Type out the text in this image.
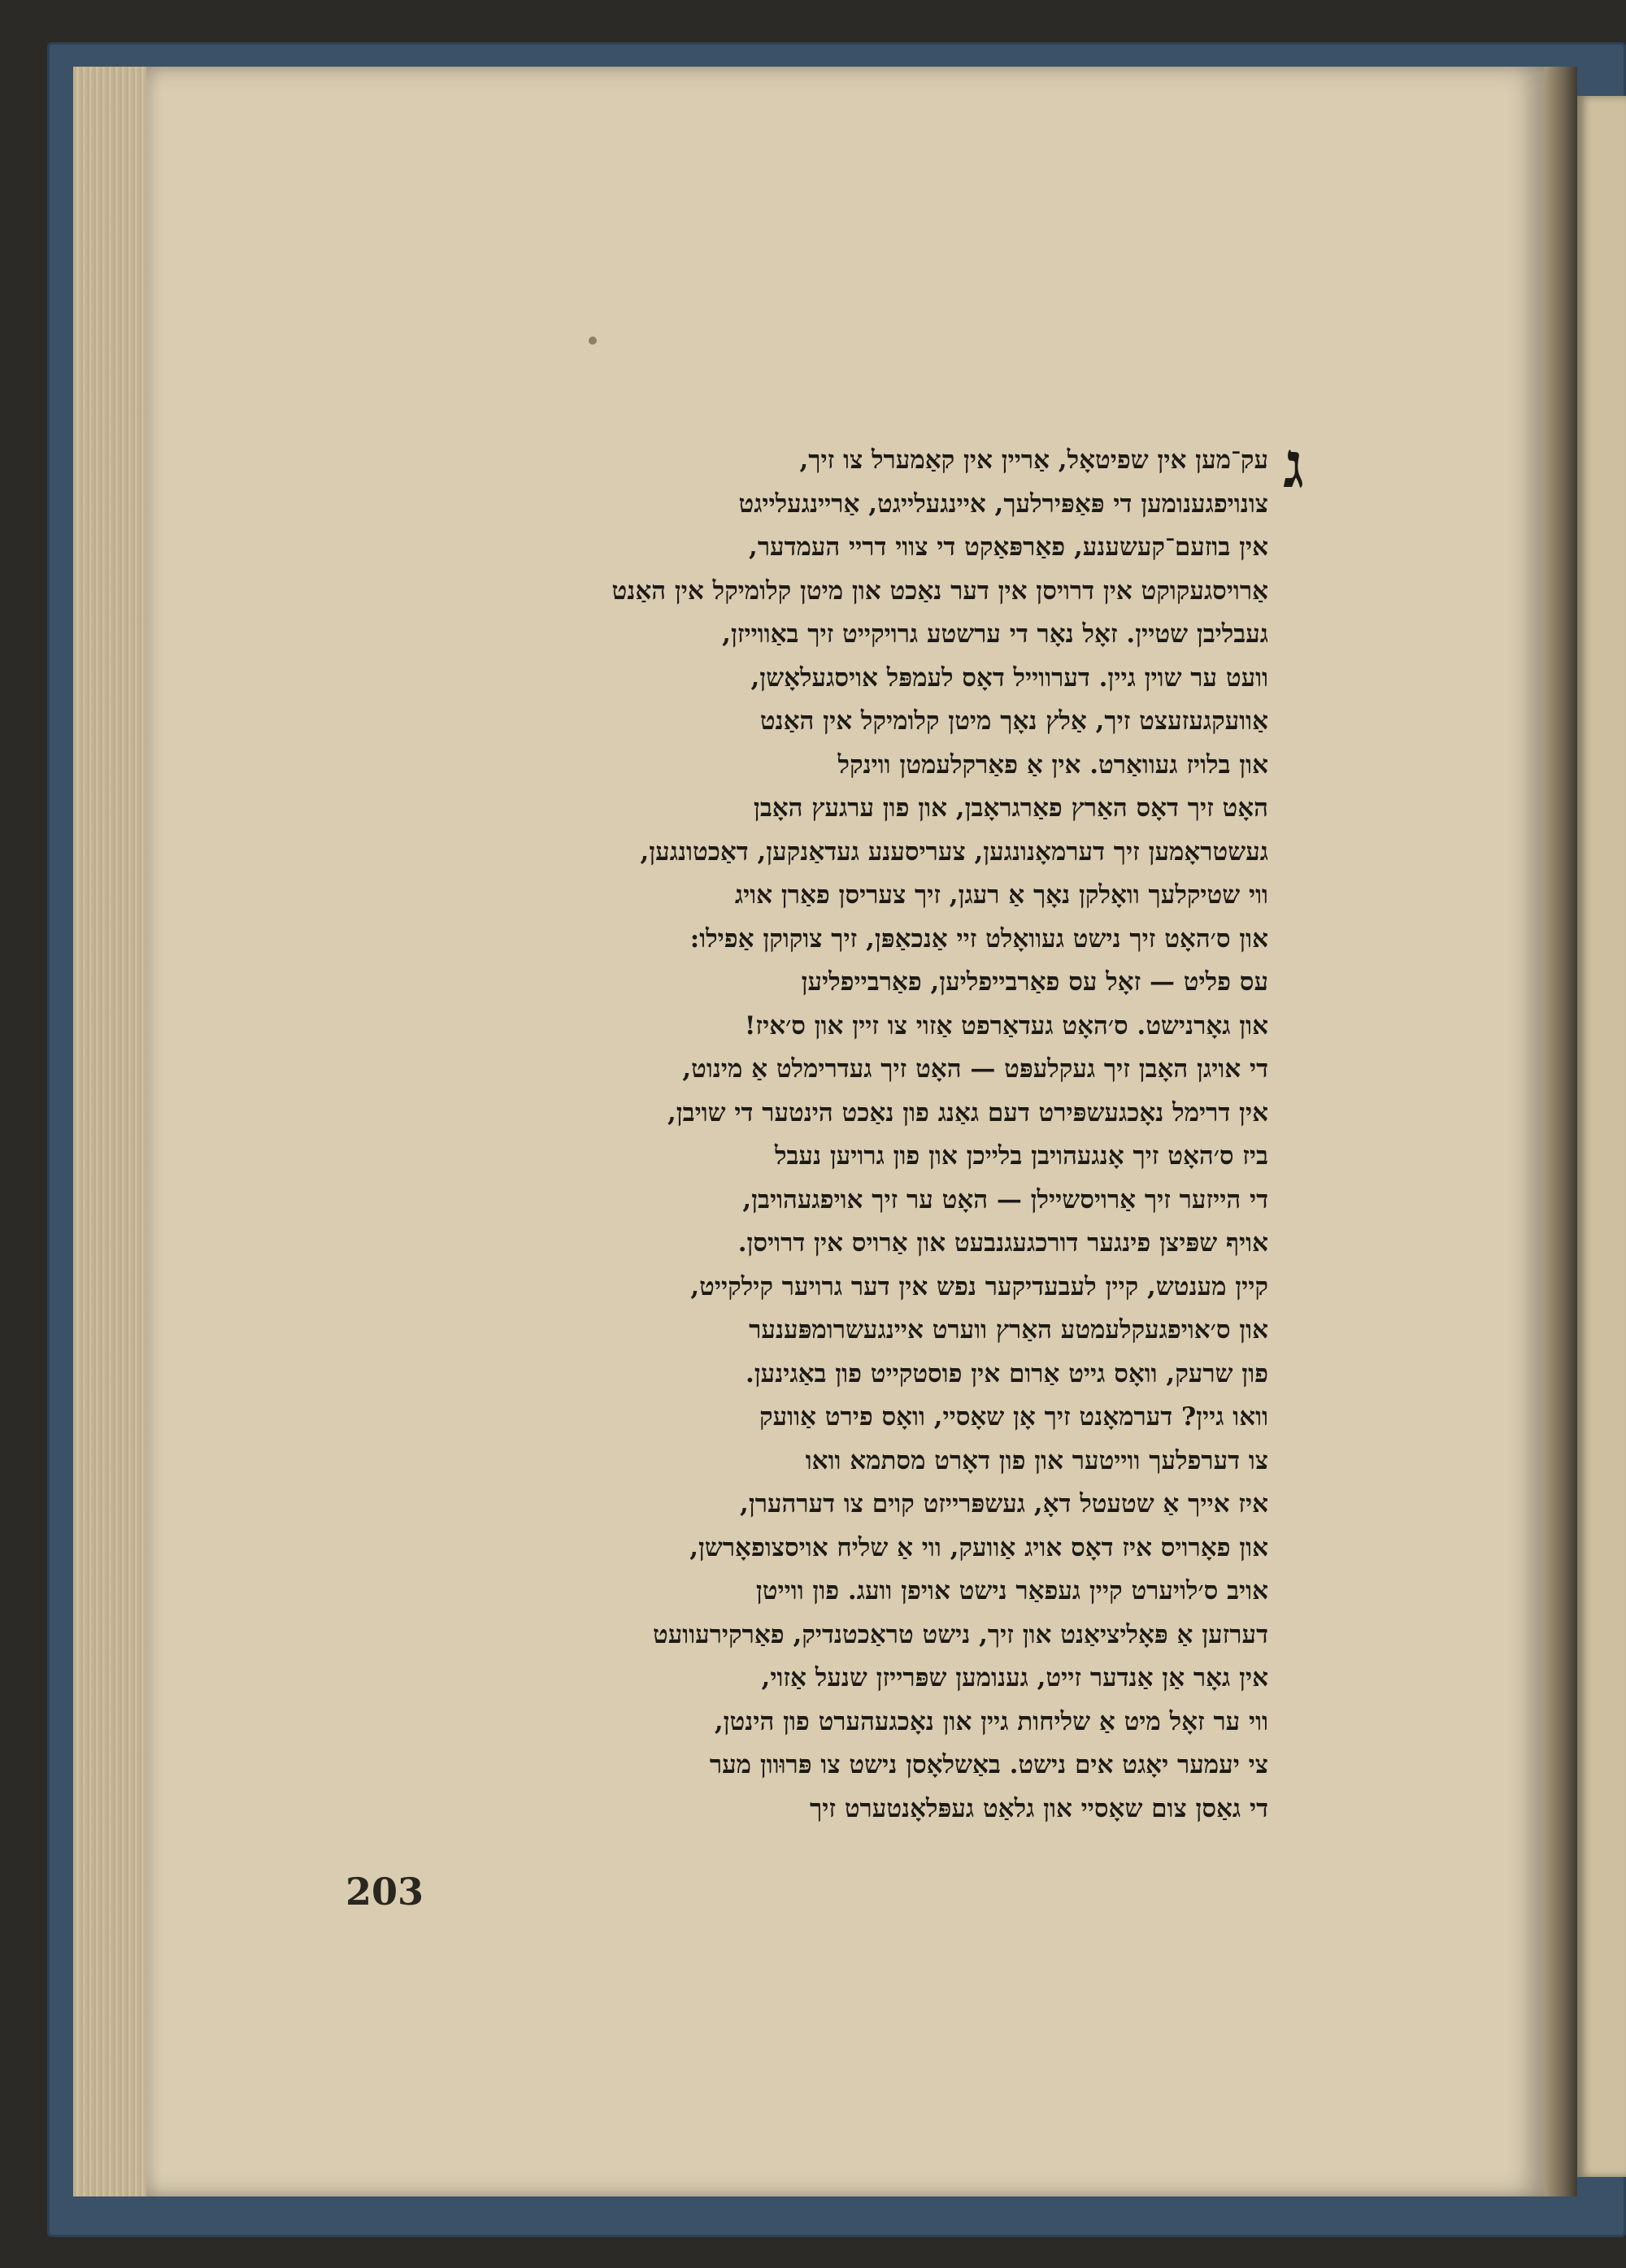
ג
עק־מען אין שפיטאָל, אַריין אין קאַמערל צו זיך,
צונויפגענומען די פּאַפּירלעך, איינגעלייגט, אַריינגעלייגט
אין בוזעם־קעשענע, פאַרפּאַקט די צווי דריי העמדער,
אַרויסגעקוקט אין דרויסן אין דער נאַכט און מיטן קלומיקל אין האַנט
געבליבן שטיין. זאָל נאָר די ערשטע גרויקייט זיך באַווייזן,
וועט ער שוין גיין. דערווייל דאָס לעמפּל אויסגעלאָשן,
אַוועקגעזעצט זיך, אַלץ נאָך מיטן קלומיקל אין האַנט
און בלויז געוואַרט. אין אַ פאַרקלעמטן ווינקל
האָט זיך דאָס האַרץ פאַרגראָבן, און פון ערגעץ האָבן
געשטראָמען זיך דערמאָנונגען, צעריסענע געדאַנקען, דאַכטונגען,
ווי שטיקלעך וואָלקן נאָך אַ רעגן, זיך צעריסן פאַרן אויג
און ס׳האָט זיך נישט געוואָלט זיי אַנכאַפּן, זיך צוקוקן אַפילו:
עס פליט — זאָל עס פאַרבייפליען, פאַרבייפליען
און גאָרנישט. ס׳האָט געדאַרפט אַזוי צו זיין און ס׳איז!
די אויגן האָבן זיך געקלעפּט — האָט זיך געדרימלט אַ מינוט,
אין דרימל נאָכגעשפּירט דעם גאַנג פון נאַכט הינטער די שויבן,
ביז ס׳האָט זיך אָנגעהויבן בלייכן און פון גרויען נעבל
די הייזער זיך אַרויסשיילן — האָט ער זיך אויפגעהויבן,
אויף שפּיצן פינגער דורכגעגנבעט און אַרויס אין דרויסן.
קיין מענטש, קיין לעבעדיקער נפש אין דער גרויער קילקייט,
און ס׳אויפגעקלעמטע האַרץ ווערט איינגעשרומפּענער
פון שרעק, וואָס גייט אַרום אין פוסטקייט פון באַגינען.
וואו גיין? דערמאָנט זיך אָן שאָסיי, וואָס פירט אַוועק
צו דערפלעך ווייטער און פון דאָרט מסתמא וואו
איז אייך אַ שטעטל דאָ, געשפּרייזט קוים צו דערהערן,
און פאָרויס איז דאָס אויג אַוועק, ווי אַ שליח אויסצופאָרשן,
אויב ס׳לויערט קיין געפאַר נישט אויפן וועג. פון ווייטן
דערזען אַ פּאָליציאַנט און זיך, נישט טראַכטנדיק, פאַרקירעוועט
אין גאָר אַן אַנדער זייט, גענומען שפּרייזן שנעל אַזוי,
ווי ער זאָל מיט אַ שליחות גיין און נאָכגעהערט פון הינטן,
צי יעמער יאָגט אים נישט. באַשלאָסן נישט צו פּרוּוון מער
די גאַסן צום שאָסיי און גלאַט געפּלאָנטערט זיך
203
